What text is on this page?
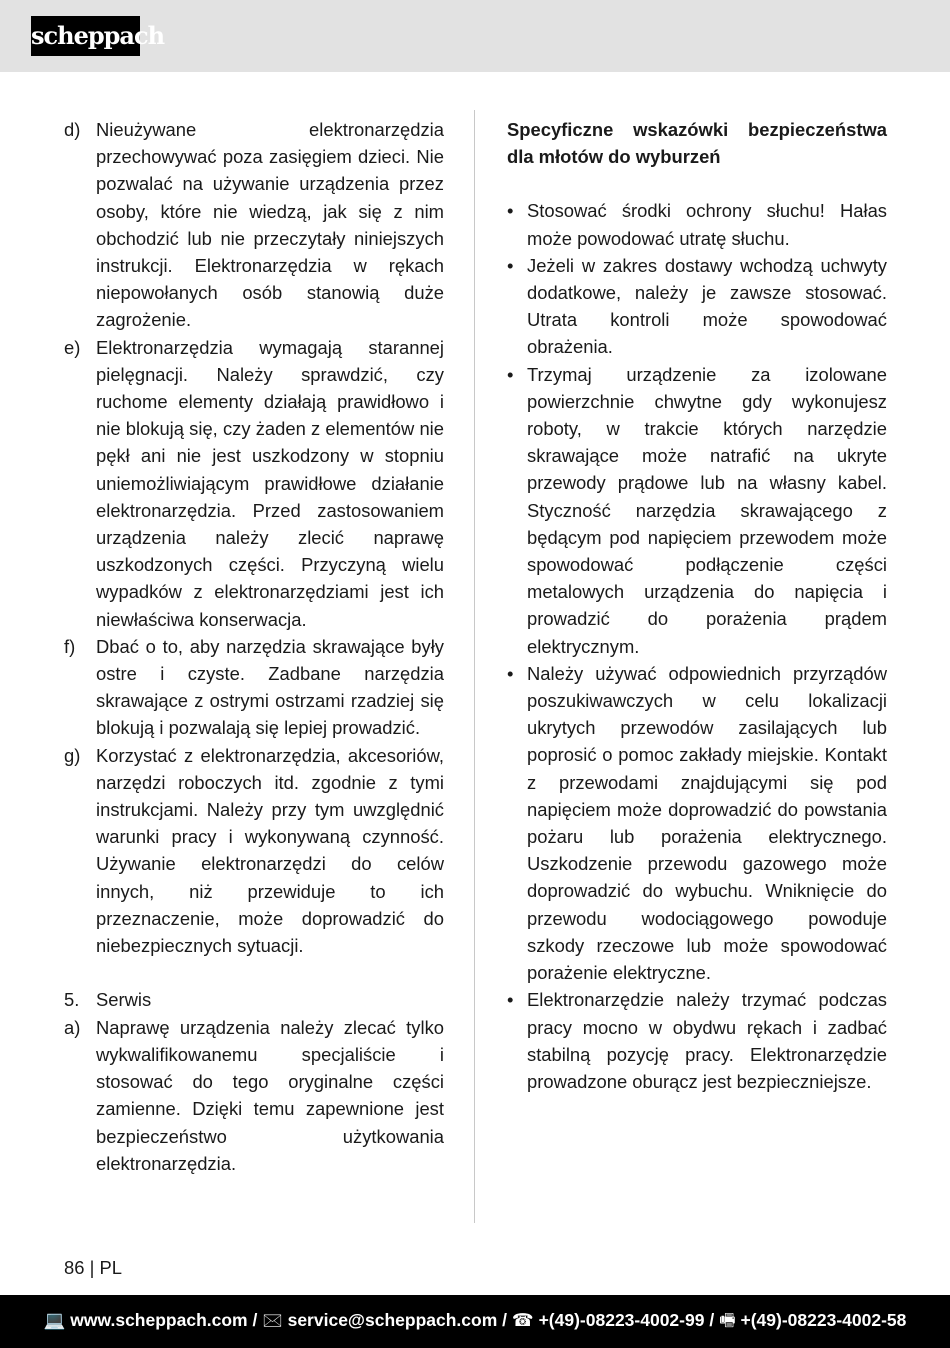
scheppach
d) Nieużywane elektronarzędzia przechowywać poza zasięgiem dzieci. Nie pozwalać na używanie urządzenia przez osoby, które nie wiedzą, jak się z nim obchodzić lub nie przeczytały niniejszych instrukcji. Elektronarzędzia w rękach niepowołanych osób stanowią duże zagrożenie.
e) Elektronarzędzia wymagają starannej pielęgnacji. Należy sprawdzić, czy ruchome elementy działają prawidłowo i nie blokują się, czy żaden z elementów nie pękł ani nie jest uszkodzony w stopniu uniemożliwiającym prawidłowe działanie elektronarzędzia. Przed zastosowaniem urządzenia należy zlecić naprawę uszkodzonych części. Przyczyną wielu wypadków z elektronarzędziami jest ich niewłaściwa konserwacja.
f)	Dbać o to, aby narzędzia skrawające były ostre i czyste. Zadbane narzędzia skrawające z ostrymi ostrzami rzadziej się blokują i pozwalają się lepiej prowadzić.
g) Korzystać z elektronarzędzia, akcesoriów, narzędzi roboczych itd. zgodnie z tymi instrukcjami. Należy przy tym uwzględnić warunki pracy i wykonywaną czynność. Używanie elektronarzędzi do celów innych, niż przewiduje to ich przeznaczenie, może doprowadzić do niebezpiecznych sytuacji.
5. Serwis
a) Naprawę urządzenia należy zlecać tylko wykwalifikowanemu specjaliście i stosować do tego oryginalne części zamienne. Dzięki temu zapewnione jest bezpieczeństwo użytkowania elektronarzędzia.
Specyficzne wskazówki bezpieczeństwa dla młotów do wyburzeń
• Stosować środki ochrony słuchu! Hałas może powodować utratę słuchu.
• Jeżeli w zakres dostawy wchodzą uchwyty dodatkowe, należy je zawsze stosować. Utrata kontroli może spowodować obrażenia.
• Trzymaj urządzenie za izolowane powierzchnie chwytne gdy wykonujesz roboty, w trakcie których narzędzie skrawające może natrafić na ukryte przewody prądowe lub na własny kabel. Styczność narzędzia skrawającego z będącym pod napięciem przewodem może spowodować podłączenie części metalowych urządzenia do napięcia i prowadzić do porażenia prądem elektrycznym.
• Należy używać odpowiednich przyrządów poszukiwawczych w celu lokalizacji ukrytych przewodów zasilających lub poprosić o pomoc zakłady miejskie. Kontakt z przewodami znajdującymi się pod napięciem może doprowadzić do powstania pożaru lub porażenia elektrycznego. Uszkodzenie przewodu gazowego może doprowadzić do wybuchu. Wniknięcie do przewodu wodociągowego powoduje szkody rzeczowe lub może spowodować porażenie elektryczne.
• Elektronarzędzie należy trzymać podczas pracy mocno w obydwu rękach i zadbać stabilną pozycję pracy. Elektronarzędzie prowadzone oburącz jest bezpieczniejsze.
86 | PL
💻 www.scheppach.com / 🖂 service@scheppach.com / ☎ +(49)-08223-4002-99 / 🖷 +(49)-08223-4002-58
